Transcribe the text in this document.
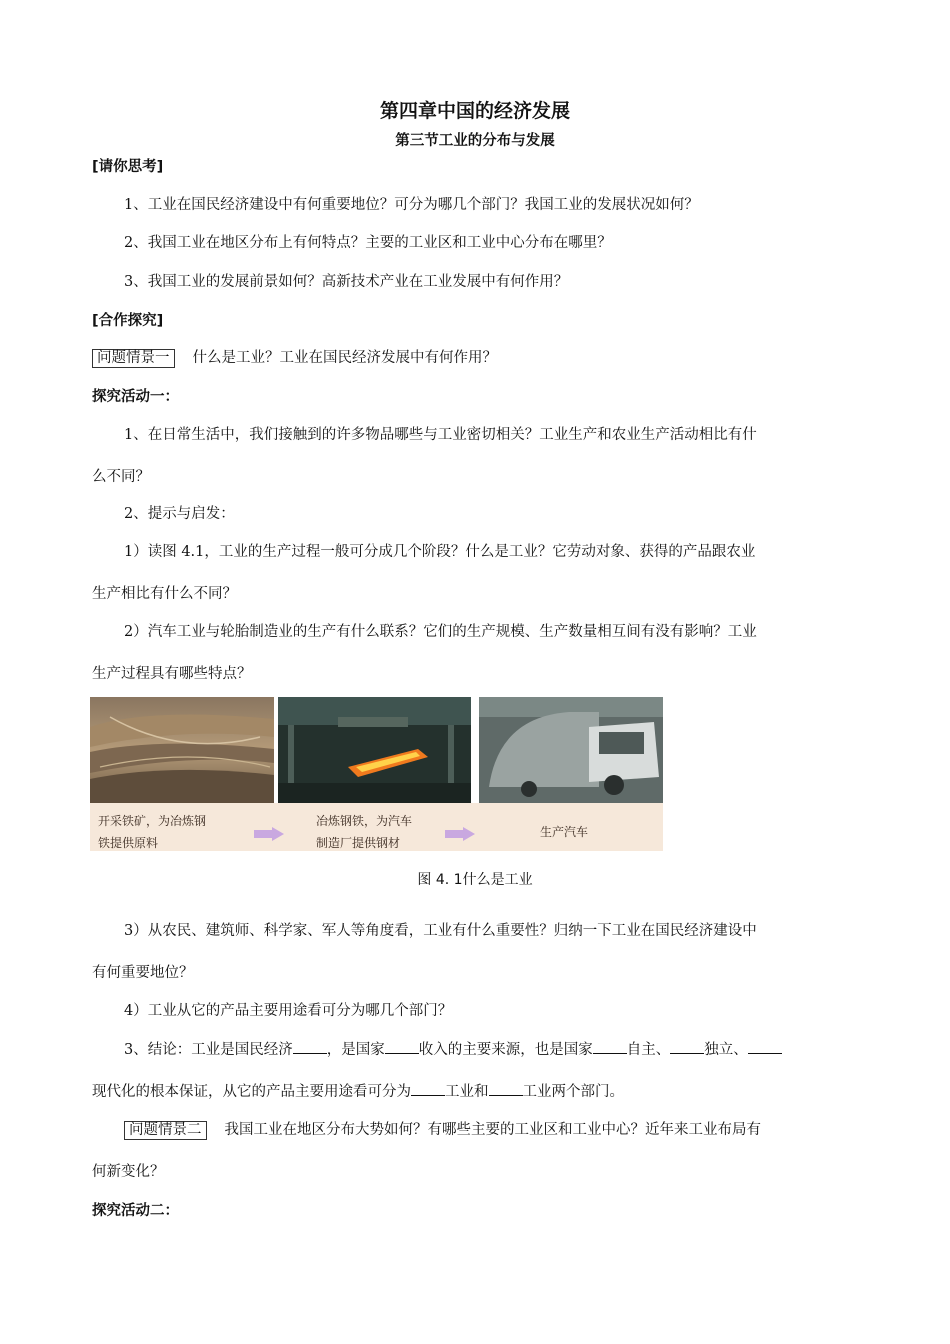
第四章中国的经济发展
第三节工业的分布与发展
[请你思考]
1、工业在国民经济建设中有何重要地位？可分为哪几个部门？我国工业的发展状况如何？
2、我国工业在地区分布上有何特点？主要的工业区和工业中心分布在哪里？
3、我国工业的发展前景如何？高新技术产业在工业发展中有何作用？
[合作探究]
问题情景一 什么是工业？工业在国民经济发展中有何作用？
探究活动一：
1、在日常生活中，我们接触到的许多物品哪些与工业密切相关？工业生产和农业生产活动相比有什
么不同？
2、提示与启发：
1）读图 4.1，工业的生产过程一般可分成几个阶段？什么是工业？它劳动对象、获得的产品跟农业
生产相比有什么不同？
2）汽车工业与轮胎制造业的生产有什么联系？它们的生产规模、生产数量相互间有没有影响？工业
生产过程具有哪些特点？
开采铁矿，为冶炼钢
铁提供原料
冶炼钢铁，为汽车
制造厂提供钢材
生产汽车
图 4. 1什么是工业
3）从农民、建筑师、科学家、军人等角度看，工业有什么重要性？归纳一下工业在国民经济建设中
有何重要地位？
4）工业从它的产品主要用途看可分为哪几个部门？
3、结论：工业是国民经济 ，是国家 收入的主要来源，也是国家 自主、 独立、
现代化的根本保证，从它的产品主要用途看可分为 工业和 工业两个部门。
问题情景二 我国工业在地区分布大势如何？有哪些主要的工业区和工业中心？近年来工业布局有
何新变化？
探究活动二：
